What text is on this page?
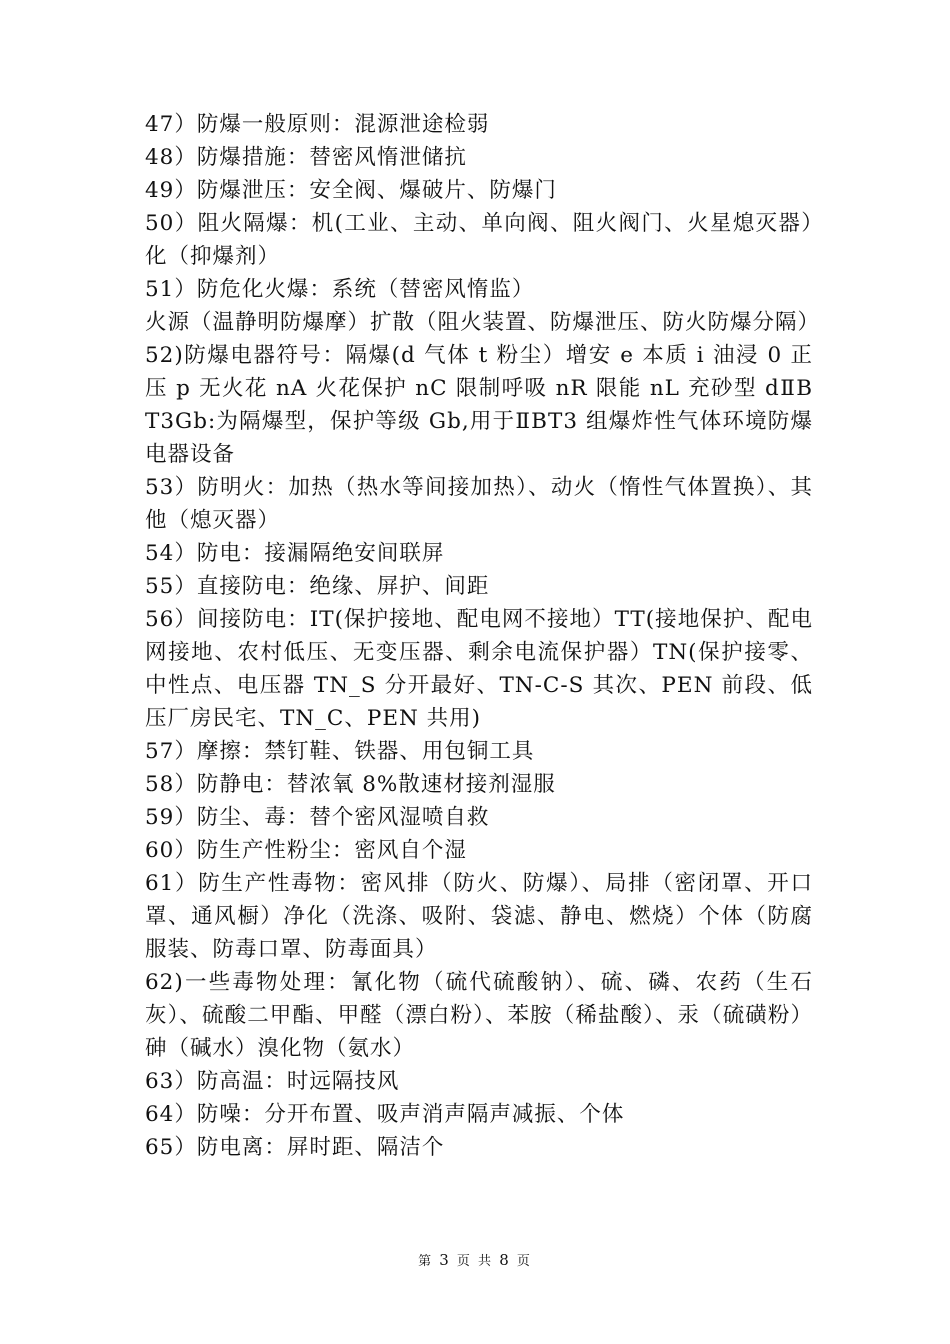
47）防爆一般原则：混源泄途检弱

48）防爆措施：替密风惰泄储抗

49）防爆泄压：安全阀、爆破片、防爆门

50）阻火隔爆：机(工业、主动、单向阀、阻火阀门、火星熄灭器）化（抑爆剂）

51）防危化火爆：系统（替密风惰监）

火源（温静明防爆摩）扩散（阻火装置、防爆泄压、防火防爆分隔）

52)防爆电器符号：隔爆(d 气体 t 粉尘）增安 e 本质 i 油浸 0 正压 p 无火花 nA 火花保护 nC 限制呼吸 nR 限能 nL 充砂型 dⅡBT3Gb:为隔爆型，保护等级 Gb,用于ⅡBT3 组爆炸性气体环境防爆电器设备

53）防明火：加热（热水等间接加热）、动火（惰性气体置换）、其他（熄灭器）

54）防电：接漏隔绝安间联屏

55）直接防电：绝缘、屏护、间距

56）间接防电：IT(保护接地、配电网不接地）TT(接地保护、配电网接地、农村低压、无变压器、剩余电流保护器）TN(保护接零、中性点、电压器 TN_S 分开最好、TN-C-S 其次、PEN 前段、低压厂房民宅、TN_C、PEN 共用)

57）摩擦：禁钉鞋、铁器、用包铜工具

58）防静电：替浓氧 8%散速材接剂湿服

59）防尘、毒：替个密风湿喷自救

60）防生产性粉尘：密风自个湿

61）防生产性毒物：密风排（防火、防爆）、局排（密闭罩、开口罩、通风橱）净化（洗涤、吸附、袋滤、静电、燃烧）个体（防腐服装、防毒口罩、防毒面具）

62)一些毒物处理：氰化物（硫代硫酸钠）、硫、磷、农药（生石灰）、硫酸二甲酯、甲醛（漂白粉）、苯胺（稀盐酸）、汞（硫磺粉）砷（碱水）溴化物（氨水）

63）防高温：时远隔技风

64）防噪：分开布置、吸声消声隔声减振、个体

65）防电离：屏时距、隔洁个

第 3 页 共 8 页
